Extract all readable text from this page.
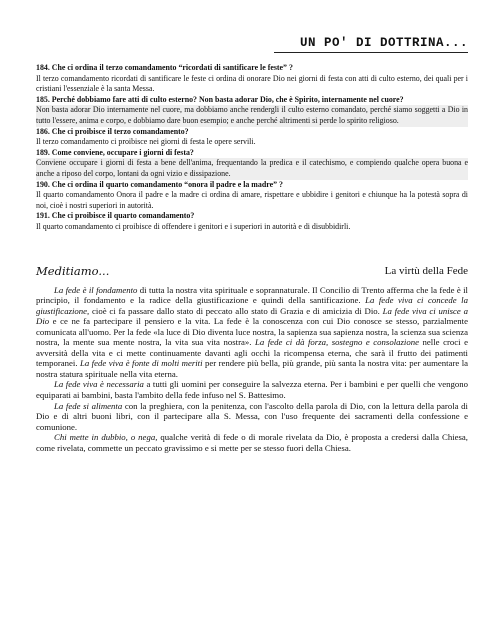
UN PO' DI DOTTRINA...
184. Che ci ordina il terzo comandamento “ricordati di santificare le feste” ?
Il terzo comandamento ricordati di santificare le feste ci ordina di onorare Dio nei giorni di festa con atti di culto esterno, dei quali per i cristiani l'essenziale è la santa Messa.
185. Perché dobbiamo fare atti di culto esterno? Non basta adorar Dio, che è Spirito, internamente nel cuore?
Non basta adorar Dio internamente nel cuore, ma dobbiamo anche rendergli il culto esterno comandato, perché siamo soggetti a Dio in tutto l'essere, anima e corpo, e dobbiamo dare buon esempio; e anche perché altrimenti si perde lo spirito religioso.
186. Che ci proibisce il terzo comandamento?
Il terzo comandamento ci proibisce nei giorni di festa le opere servili.
189. Come conviene, occupare i giorni di festa?
Conviene occupare i giorni di festa a bene dell'anima, frequentando la predica e il catechismo, e compiendo qualche opera buona e anche a riposo del corpo, lontani da ogni vizio e dissipazione.
190. Che ci ordina il quarto comandamento “onora il padre e la madre” ?
Il quarto comandamento Onora il padre e la madre ci ordina di amare, rispettare e ubbidire i genitori e chiunque ha la potestà sopra di noi, cioè i nostri superiori in autorità.
191. Che ci proibisce il quarto comandamento?
Il quarto comandamento ci proibisce di offendere i genitori e i superiori in autorità e di disubbidirli.
Meditiamo...	La virtù della Fede

La fede è il fondamento di tutta la nostra vita spirituale e soprannaturale. Il Concilio di Trento afferma che la fede è il principio, il fondamento e la radice della giustificazione e quindi della santificazione. La fede viva ci concede la giustificazione, cioè ci fa passare dallo stato di peccato allo stato di Grazia e di amicizia di Dio. La fede viva ci unisce a Dio e ce ne fa partecipare il pensiero e la vita. La fede è la conoscenza con cui Dio conosce se stesso, parzialmente comunicata all'uomo. Per la fede «la luce di Dio diventa luce nostra, la sapienza sua sapienza nostra, la scienza sua scienza nostra, la mente sua mente nostra, la vita sua vita nostra». La fede ci dà forza, sostegno e consolazione nelle croci e avversità della vita e ci mette continuamente davanti agli occhi la ricompensa eterna, che sarà il frutto dei patimenti temporanei. La fede viva è fonte di molti meriti per rendere più bella, più grande, più santa la nostra vita: per aumentare la nostra statura spirituale nella vita eterna.

La fede viva è necessaria a tutti gli uomini per conseguire la salvezza eterna. Per i bambini e per quelli che vengono equiparati ai bambini, basta l'ambito della fede infuso nel S. Battesimo.

La fede si alimenta con la preghiera, con la penitenza, con l'ascolto della parola di Dio, con la lettura della parola di Dio e di altri buoni libri, con il partecipare alla S. Messa, con l'uso frequente dei sacramenti della confessione e comunione.

Chi mette in dubbio, o nega, qualche verità di fede o di morale rivelata da Dio, è proposta a credersi dalla Chiesa, come rivelata, commette un peccato gravissimo e si mette per se stesso fuori della Chiesa.
